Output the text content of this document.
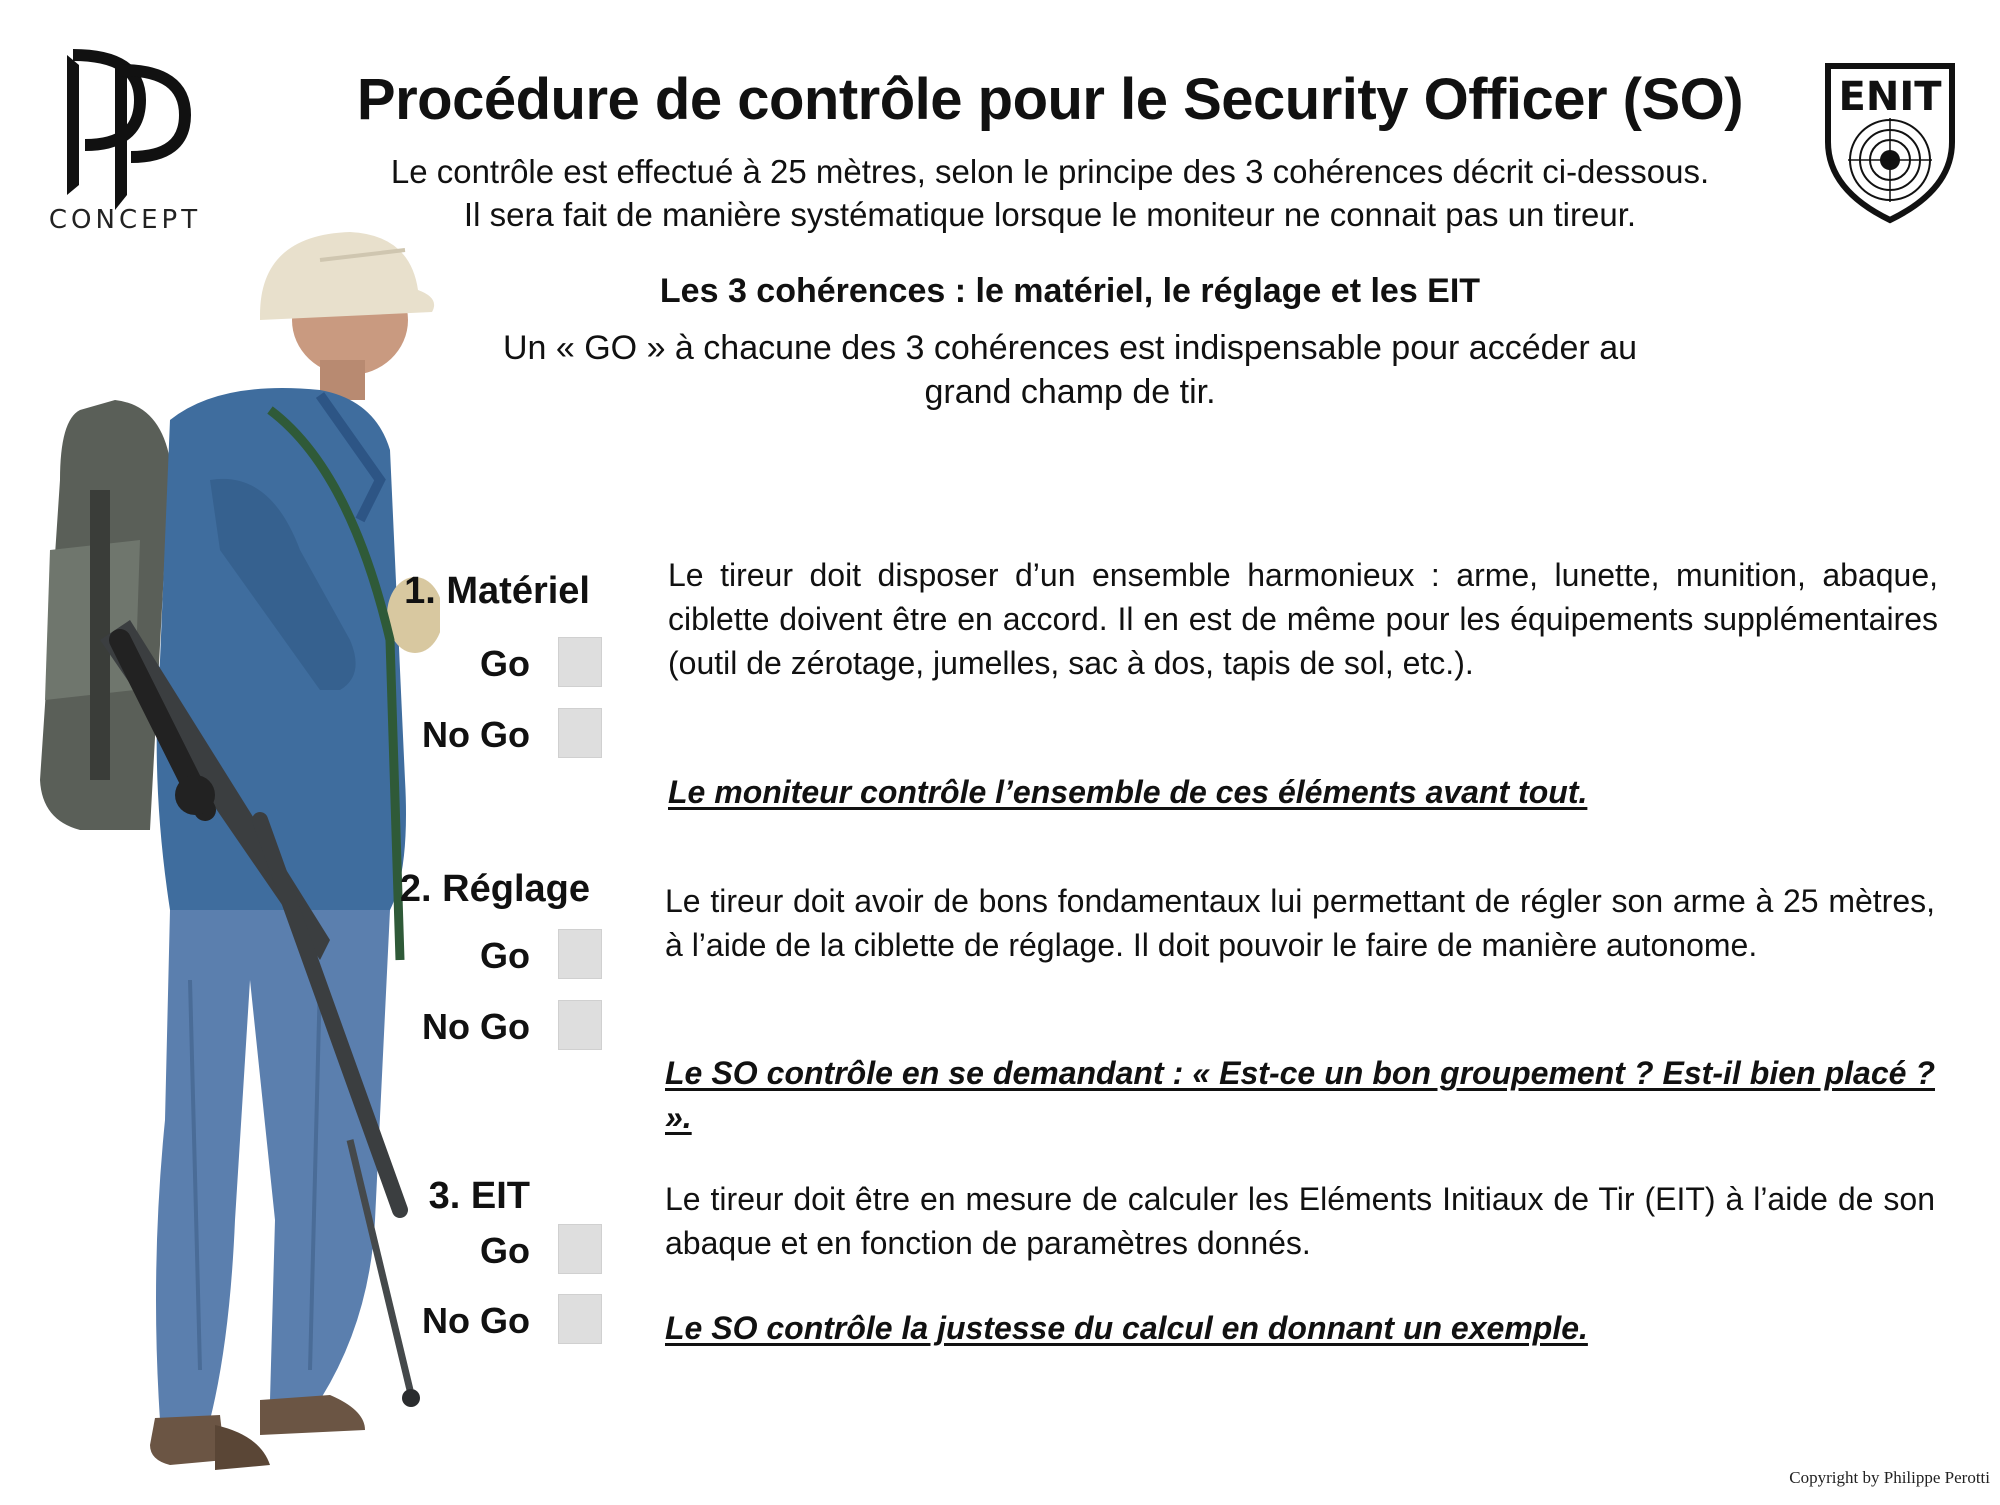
CONCEPT
ENIT
Procédure de contrôle pour le Security Officer (SO)
Le contrôle est effectué à 25 mètres, selon le principe des 3 cohérences décrit ci-dessous.
Il sera fait de manière systématique lorsque le moniteur ne connait pas un tireur.
Les 3 cohérences : le matériel, le réglage et les EIT
Un « GO » à chacune des 3 cohérences est indispensable pour accéder au
grand champ de tir.
1. Matériel
Go
No Go
Le tireur doit disposer d’un ensemble harmonieux : arme, lunette, munition, abaque, ciblette doivent être en accord. Il en est de même pour les équipements supplémentaires (outil de zérotage, jumelles, sac à dos, tapis de sol, etc.).
Le moniteur contrôle l’ensemble de ces éléments avant tout.
2. Réglage
Go
No Go
Le tireur doit avoir de bons fondamentaux lui permettant de régler son arme à 25 mètres, à l’aide de la ciblette de réglage. Il doit pouvoir le faire de manière autonome.
Le SO contrôle en se demandant : « Est-ce un bon groupement ? Est-il bien placé ? ».
3. EIT
Go
No Go
Le tireur doit être en mesure de calculer les Eléments Initiaux de Tir (EIT) à l’aide de son abaque et en fonction de paramètres donnés.
Le SO contrôle la justesse du calcul en donnant un exemple.
Copyright by Philippe Perotti
